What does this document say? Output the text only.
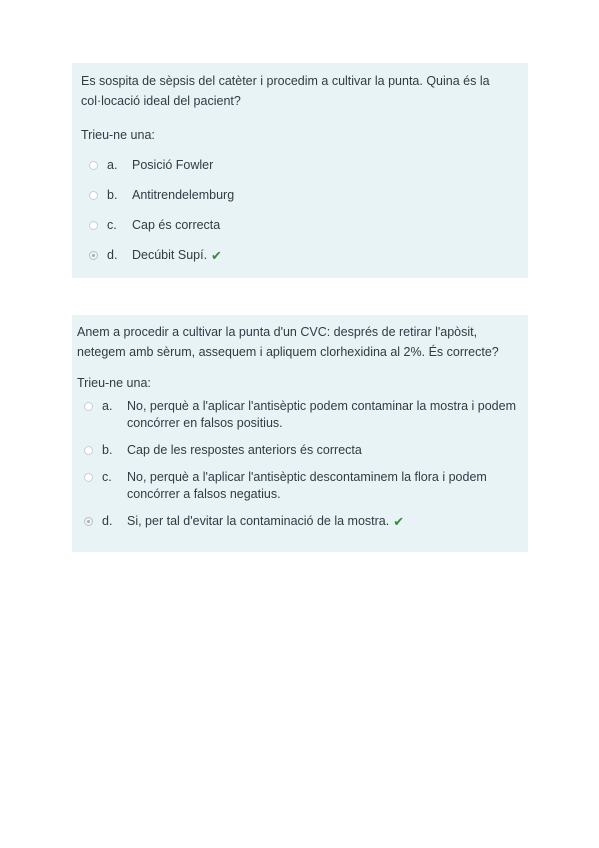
Es sospita de sèpsis del catèter i procedim a cultivar la punta. Quina és la col·locació ideal del pacient?

Trieu-ne una:

a.	Posició Fowler
b.	Antitrendelemburg
c.	Cap és correcta
d.	Decúbit Supí. ✔

Anem a procedir a cultivar la punta d'un CVC: després de retirar l'apòsit, netegem amb sèrum, assequem i apliquem clorhexidina al 2%. És correcte?

Trieu-ne una:

a.	No, perquè a l'aplicar l'antisèptic podem contaminar la mostra i podem concórrer en falsos positius.
b.	Cap de les respostes anteriors és correcta
c.	No, perquè a l'aplicar l'antisèptic descontaminem la flora i podem concórrer a falsos negatius.
d.	Si, per tal d'evitar la contaminació de la mostra. ✔
